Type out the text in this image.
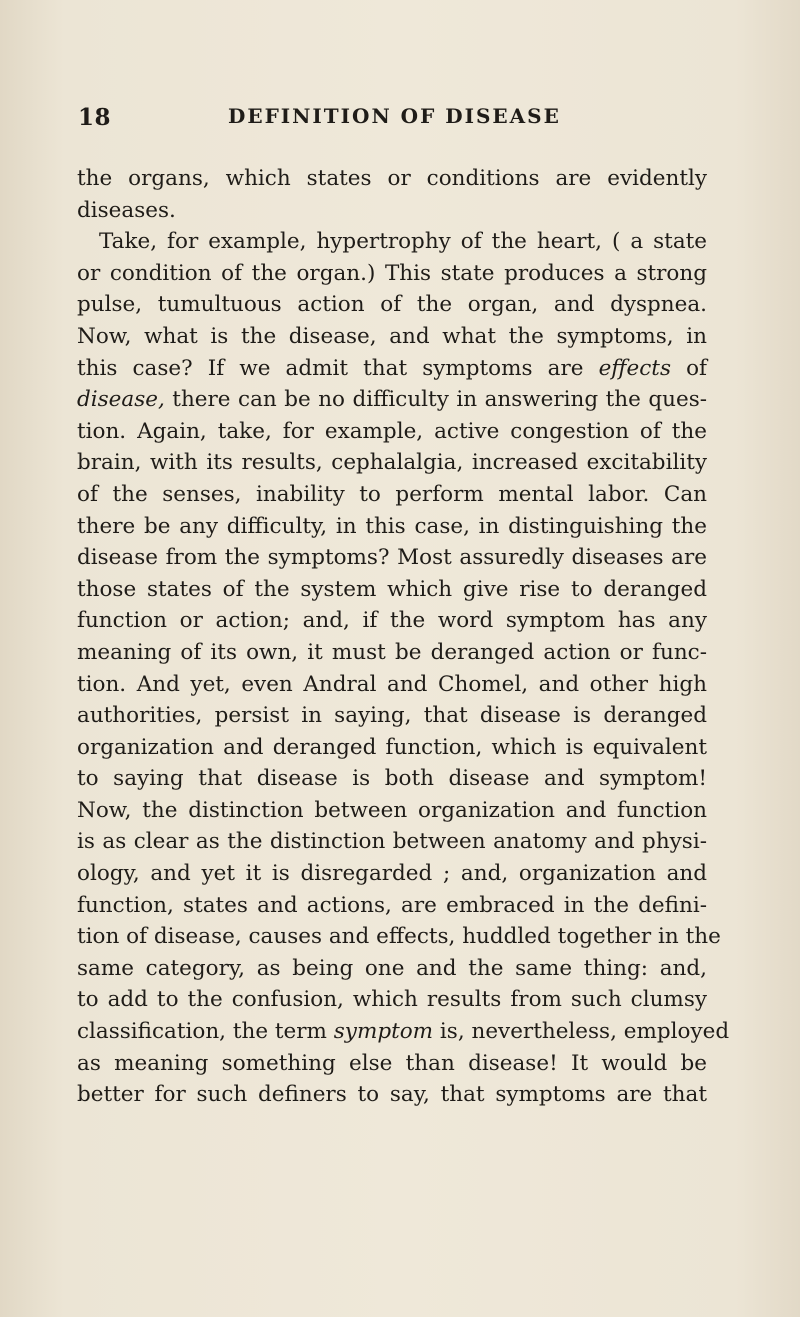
18	DEFINITION OF DISEASE
the organs, which states or conditions are evidently
diseases.
Take, for example, hypertrophy of the heart, ( a state
or condition of the organ.) This state produces a strong
pulse, tumultuous action of the organ, and dyspnea.
Now, what is the disease, and what the symptoms, in
this case? If we admit that symptoms are effects of
disease, there can be no difficulty in answering the ques-
tion. Again, take, for example, active congestion of the
brain, with its results, cephalalgia, increased excitability
of the senses, inability to perform mental labor. Can
there be any difficulty, in this case, in distinguishing the
disease from the symptoms? Most assuredly diseases are
those states of the system which give rise to deranged
function or action; and, if the word symptom has any
meaning of its own, it must be deranged action or func-
tion. And yet, even Andral and Chomel, and other high
authorities, persist in saying, that disease is deranged
organization and deranged function, which is equivalent
to saying that disease is both disease and symptom!
Now, the distinction between organization and function
is as clear as the distinction between anatomy and physi-
ology, and yet it is disregarded ; and, organization and
function, states and actions, are embraced in the defini-
tion of disease, causes and effects, huddled together in the
same category, as being one and the same thing: and,
to add to the confusion, which results from such clumsy
classification, the term symptom is, nevertheless, employed
as meaning something else than disease! It would be
better for such definers to say, that symptoms are that
